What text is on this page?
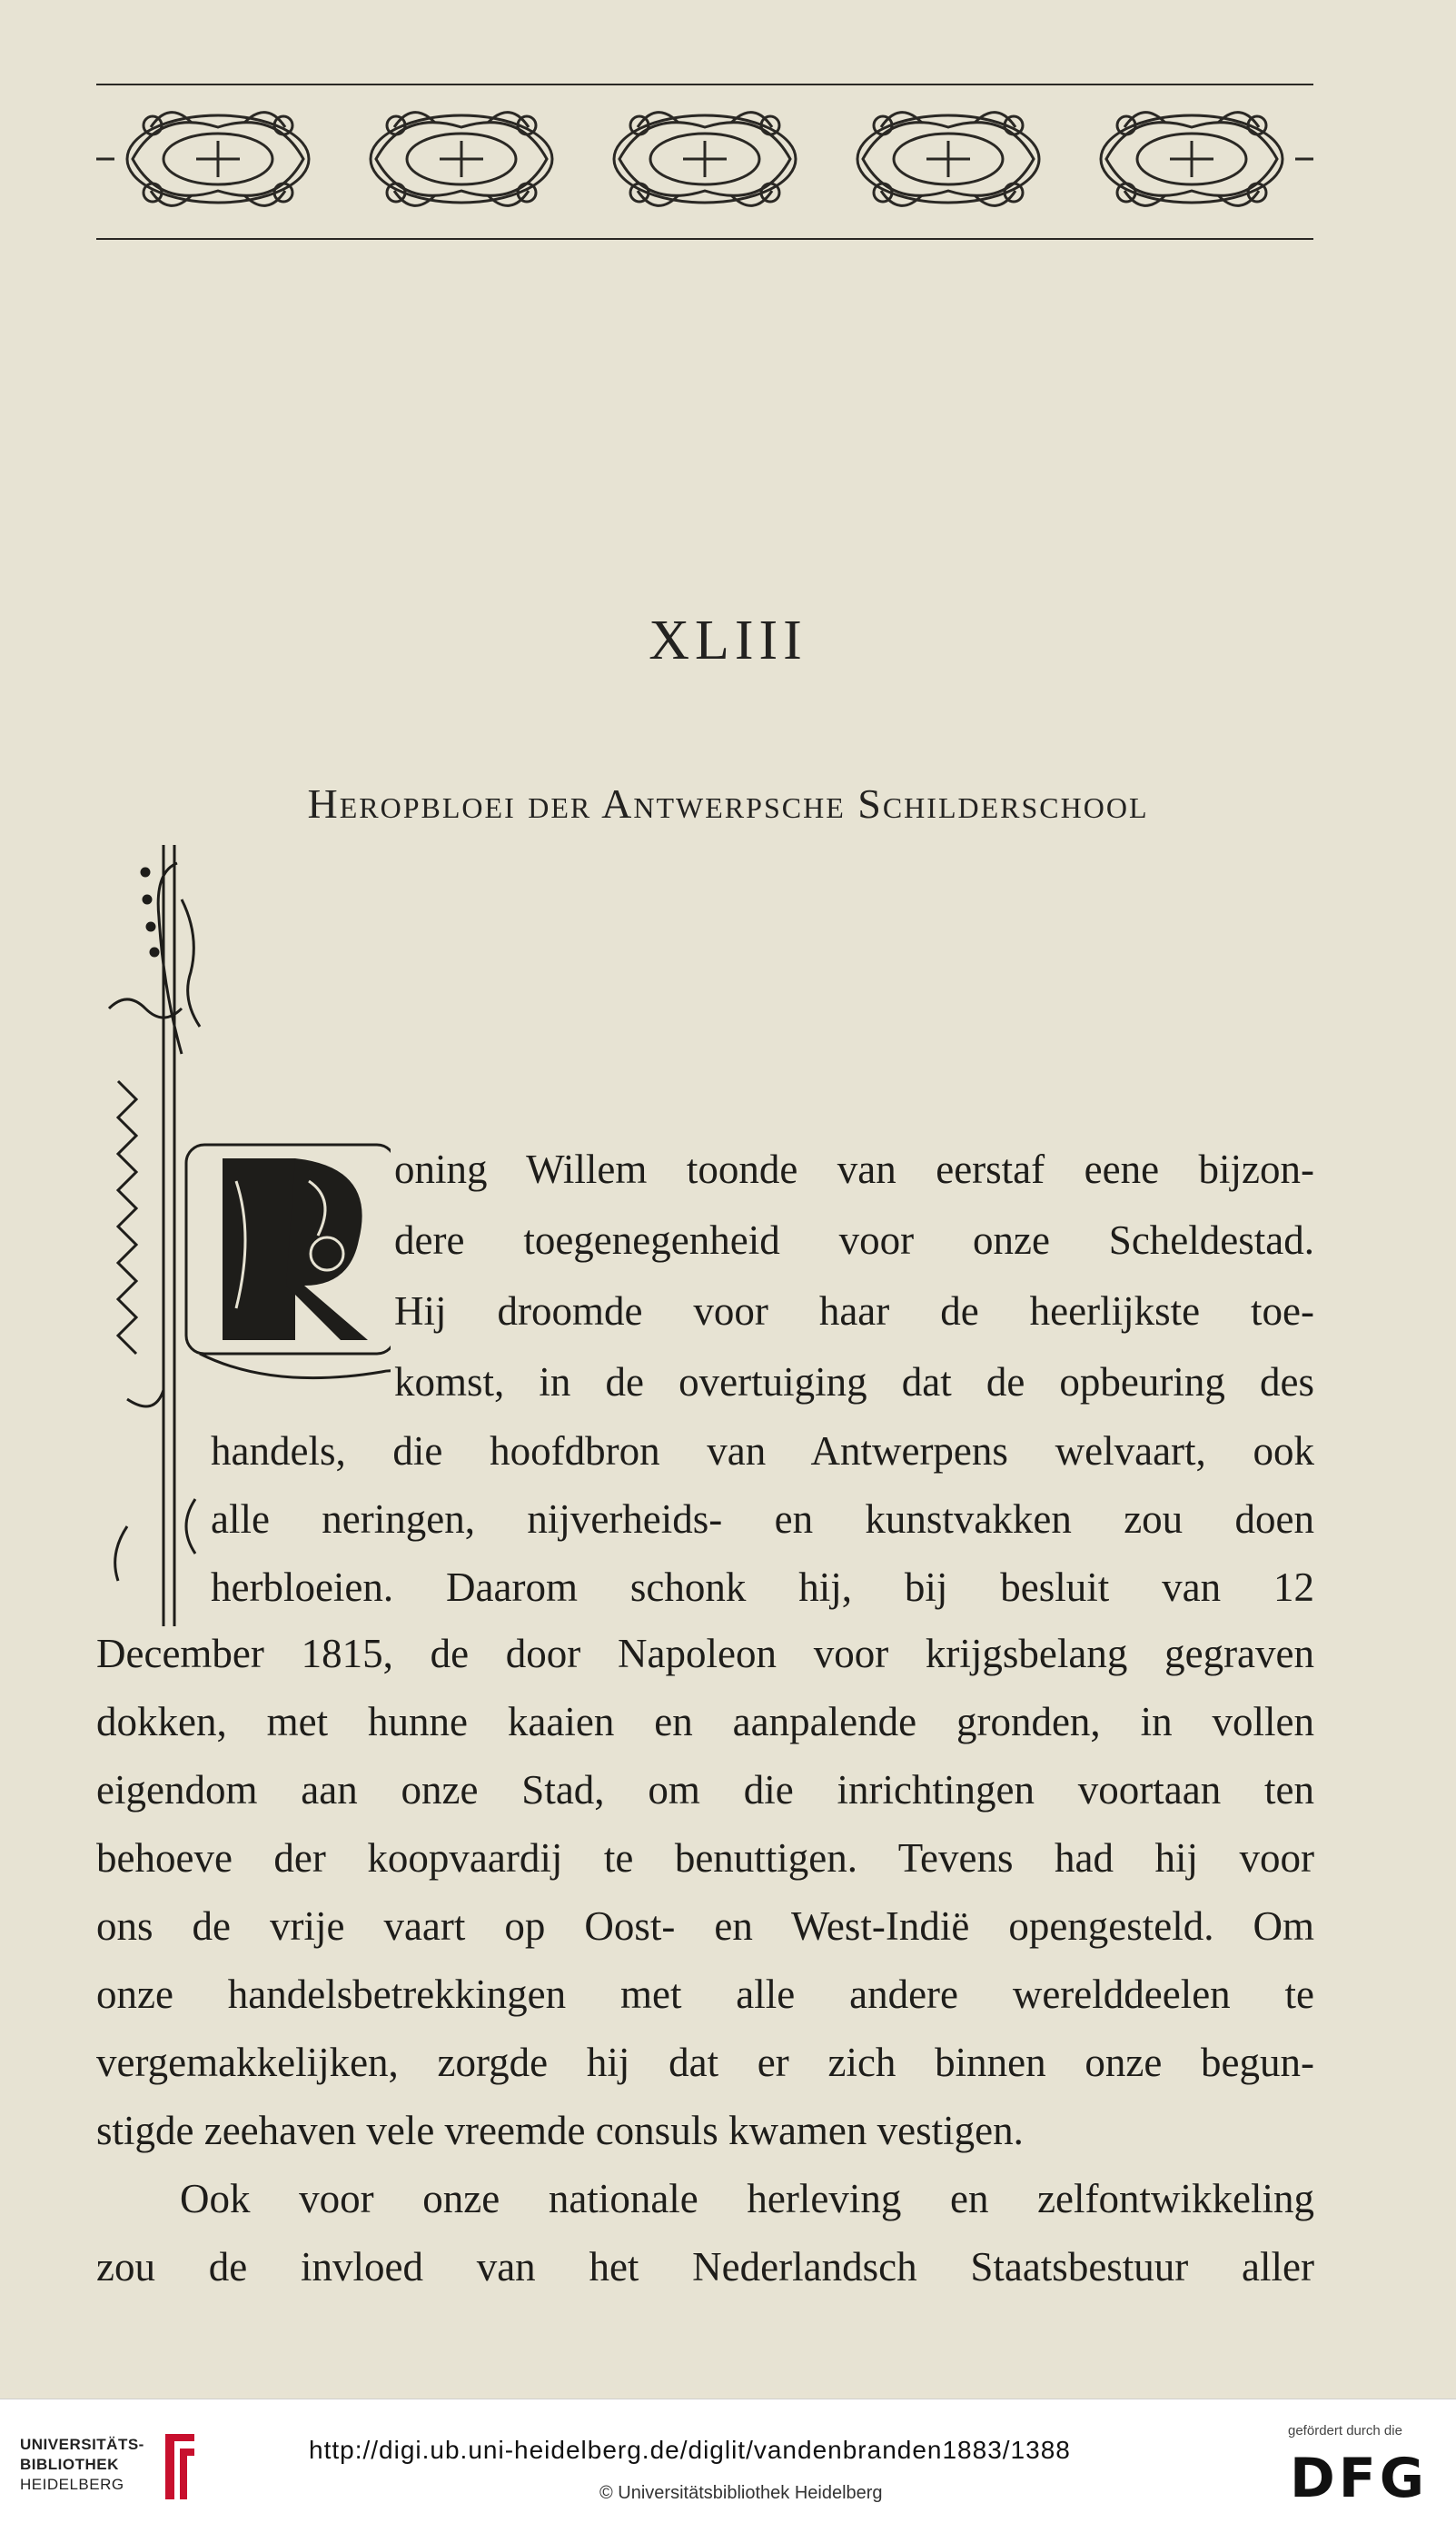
XLIII
Heropbloei der Antwerpsche Schilderschool
oning Willem toonde van eerstaf eene bijzon-
dere toegenegenheid voor onze Scheldestad.
Hij droomde voor haar de heerlijkste toe-
komst, in de overtuiging dat de opbeuring des
handels, die hoofdbron van Antwerpens welvaart, ook
alle neringen, nijverheids- en kunstvakken zou doen
herbloeien. Daarom schonk hij, bij besluit van 12
December 1815, de door Napoleon voor krijgsbelang gegraven
dokken, met hunne kaaien en aanpalende gronden, in vollen
eigendom aan onze Stad, om die inrichtingen voortaan ten
behoeve der koopvaardij te benuttigen. Tevens had hij voor
ons de vrije vaart op Oost- en West-Indië opengesteld. Om
onze handelsbetrekkingen met alle andere werelddeelen te
vergemakkelijken, zorgde hij dat er zich binnen onze begun-
stigde zeehaven vele vreemde consuls kwamen vestigen.
Ook voor onze nationale herleving en zelfontwikkeling
zou de invloed van het Nederlandsch Staatsbestuur aller
UNIVERSITÄTS-
BIBLIOTHEK
HEIDELBERG
http://digi.ub.uni-heidelberg.de/diglit/vandenbranden1883/1388
© Universitätsbibliothek Heidelberg
gefördert durch die
DFG
